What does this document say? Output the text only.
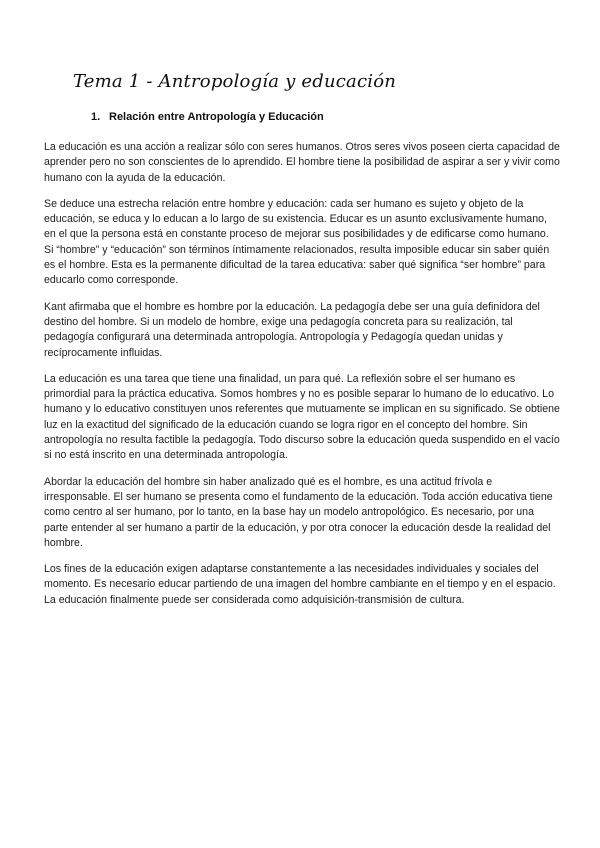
Tema 1 - Antropología y educación
1. Relación entre Antropología y Educación

La educación es una acción a realizar sólo con seres humanos. Otros seres vivos poseen cierta capacidad de aprender pero no son conscientes de lo aprendido. El hombre tiene la posibilidad de aspirar a ser y vivir como humano con la ayuda de la educación.

Se deduce una estrecha relación entre hombre y educación: cada ser humano es sujeto y objeto de la educación, se educa y lo educan a lo largo de su existencia. Educar es un asunto exclusivamente humano, en el que la persona está en constante proceso de mejorar sus posibilidades y de edificarse como humano. Si “hombre” y “educación” son términos íntimamente relacionados, resulta imposible educar sin saber quién es el hombre. Esta es la permanente dificultad de la tarea educativa: saber qué significa “ser hombre” para educarlo como corresponde.

Kant afirmaba que el hombre es hombre por la educación. La pedagogía debe ser una guía definidora del destino del hombre. Si un modelo de hombre, exige una pedagogía concreta para su realización, tal pedagogía configurará una determinada antropología. Antropología y Pedagogía quedan unidas y recíprocamente influidas.

La educación es una tarea que tiene una finalidad, un para qué. La reflexión sobre el ser humano es primordial para la práctica educativa. Somos hombres y no es posible separar lo humano de lo educativo. Lo humano y lo educativo constituyen unos referentes que mutuamente se implican en su significado. Se obtiene luz en la exactitud del significado de la educación cuando se logra rigor en el concepto del hombre. Sin antropología no resulta factible la pedagogía. Todo discurso sobre la educación queda suspendido en el vacío si no está inscrito en una determinada antropología.

Abordar la educación del hombre sin haber analizado qué es el hombre, es una actitud frívola e irresponsable. El ser humano se presenta como el fundamento de la educación. Toda acción educativa tiene como centro al ser humano, por lo tanto, en la base hay un modelo antropológico. Es necesario, por una parte entender al ser humano a partir de la educación, y por otra conocer la educación desde la realidad del hombre.

Los fines de la educación exigen adaptarse constantemente a las necesidades individuales y sociales del momento. Es necesario educar partiendo de una imagen del hombre cambiante en el tiempo y en el espacio. La educación finalmente puede ser considerada como adquisición-transmisión de cultura.
